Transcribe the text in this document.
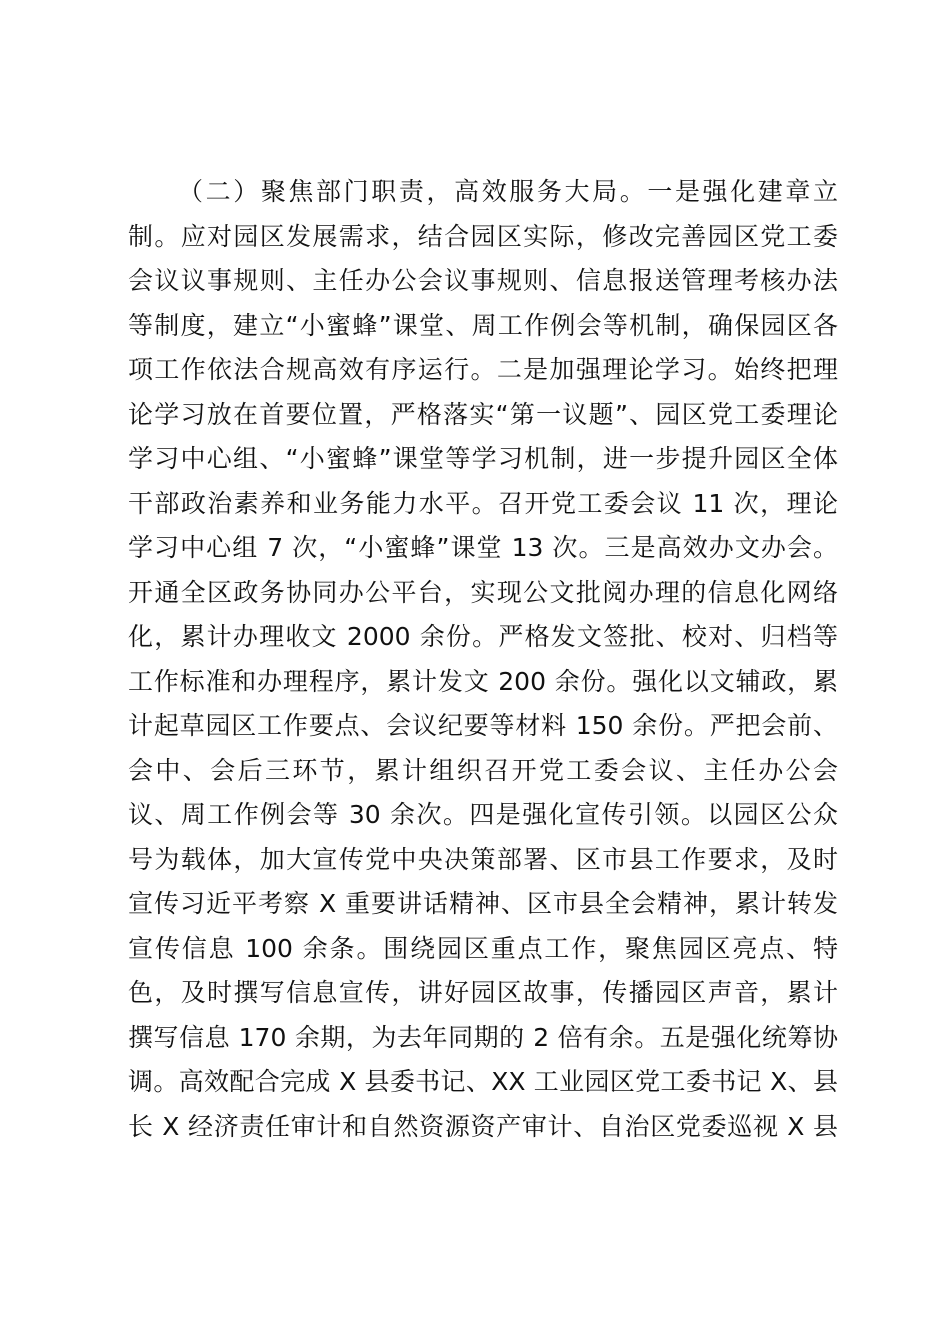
（二）聚焦部门职责，高效服务大局。一是强化建章立
制。应对园区发展需求，结合园区实际，修改完善园区党工委
会议议事规则、主任办公会议事规则、信息报送管理考核办法
等制度，建立“小蜜蜂”课堂、周工作例会等机制，确保园区各
项工作依法合规高效有序运行。二是加强理论学习。始终把理
论学习放在首要位置，严格落实“第一议题”、园区党工委理论
学习中心组、“小蜜蜂”课堂等学习机制，进一步提升园区全体
干部政治素养和业务能力水平。召开党工委会议 11 次，理论
学习中心组 7 次，“小蜜蜂”课堂 13 次。三是高效办文办会。
开通全区政务协同办公平台，实现公文批阅办理的信息化网络
化，累计办理收文 2000 余份。严格发文签批、校对、归档等
工作标准和办理程序，累计发文 200 余份。强化以文辅政，累
计起草园区工作要点、会议纪要等材料 150 余份。严把会前、
会中、会后三环节，累计组织召开党工委会议、主任办公会
议、周工作例会等 30 余次。四是强化宣传引领。以园区公众
号为载体，加大宣传党中央决策部署、区市县工作要求，及时
宣传习近平考察 X 重要讲话精神、区市县全会精神，累计转发
宣传信息 100 余条。围绕园区重点工作，聚焦园区亮点、特
色，及时撰写信息宣传，讲好园区故事，传播园区声音，累计
撰写信息 170 余期，为去年同期的 2 倍有余。五是强化统筹协
调。高效配合完成 X 县委书记、XX 工业园区党工委书记 X、县
长 X 经济责任审计和自然资源资产审计、自治区党委巡视 X 县
